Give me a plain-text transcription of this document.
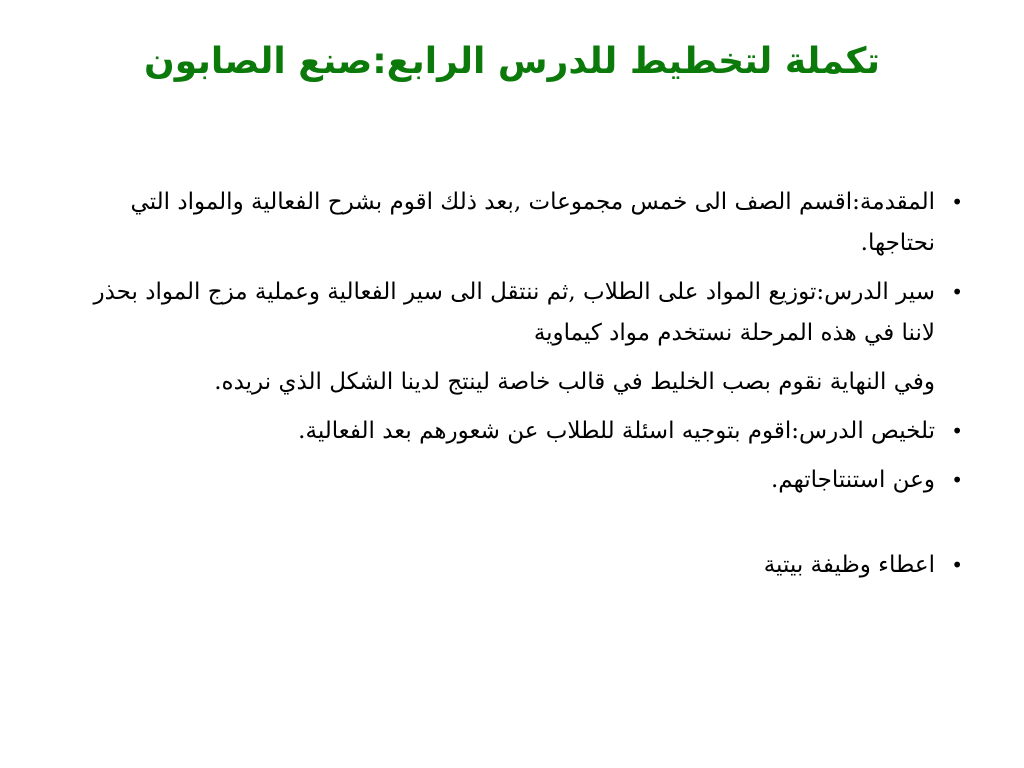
تكملة لتخطيط للدرس الرابع:صنع الصابون
•
المقدمة:اقسم الصف الى خمس مجموعات ,بعد ذلك اقوم بشرح الفعالية والمواد التي نحتاجها.
•
سير الدرس:توزيع المواد على الطلاب ,ثم ننتقل الى سير الفعالية وعملية مزج المواد بحذر لاننا في هذه المرحلة نستخدم مواد كيماوية

وفي النهاية نقوم بصب الخليط في قالب خاصة لينتج لدينا الشكل الذي نريده.

•
تلخيص الدرس:اقوم بتوجيه اسئلة للطلاب عن شعورهم بعد الفعالية.
•
وعن استنتاجاتهم.
•
اعطاء وظيفة بيتية
